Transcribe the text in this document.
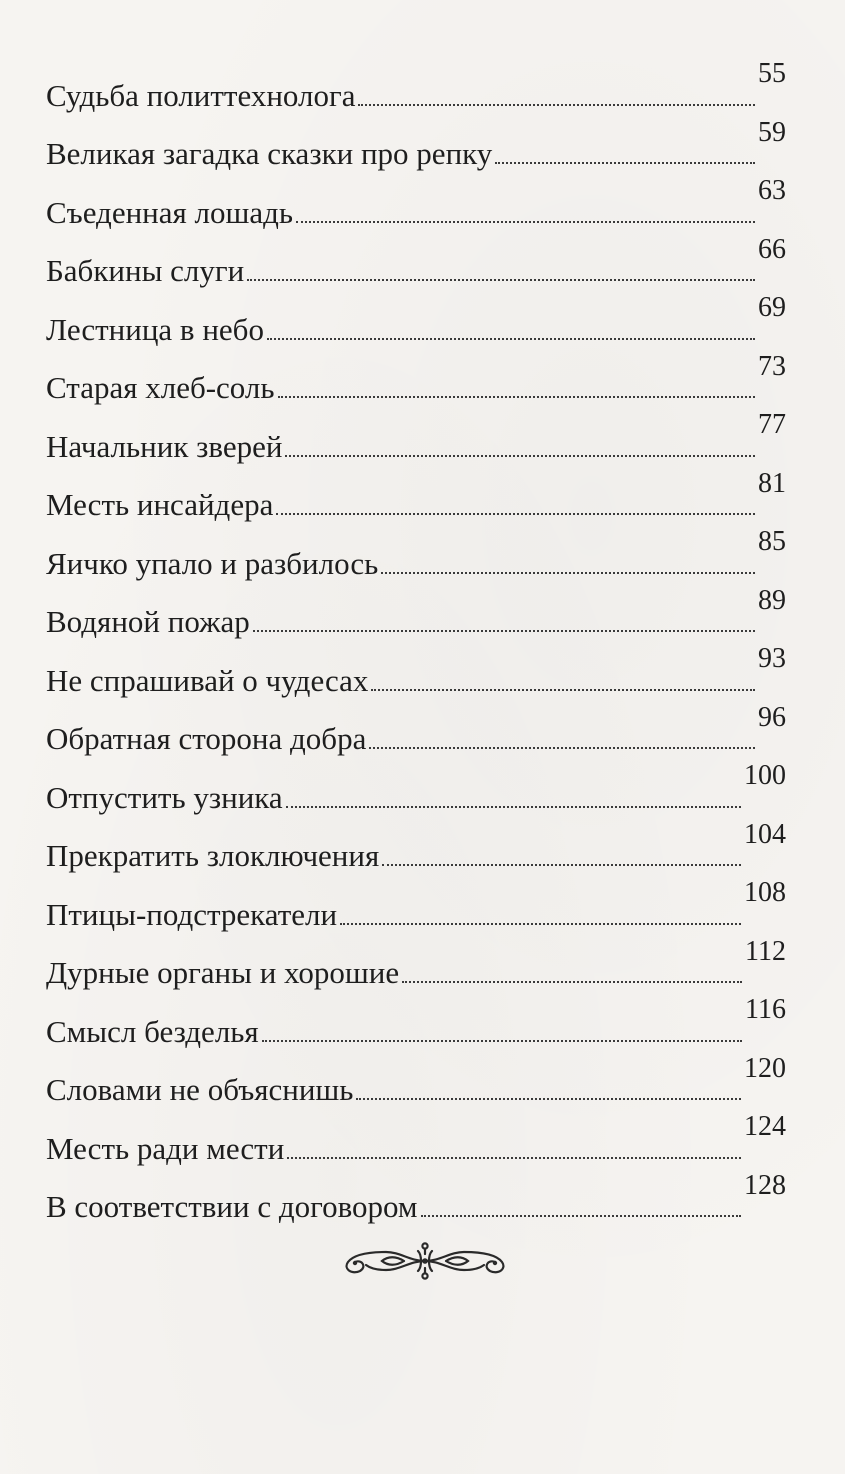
Судьба политтехнолога
55
Великая загадка сказки про репку
59
Съеденная лошадь
63
Бабкины слуги
66
Лестница в небо
69
Старая хлеб-соль
73
Начальник зверей
77
Месть инсайдера
81
Яичко упало и разбилось
85
Водяной пожар
89
Не спрашивай о чудесах
93
Обратная сторона добра
96
Отпустить узника
100
Прекратить злоключения
104
Птицы-подстрекатели
108
Дурные органы и хорошие
112
Смысл безделья
116
Словами не объяснишь
120
Месть ради мести
124
В соответствии с договором
128
